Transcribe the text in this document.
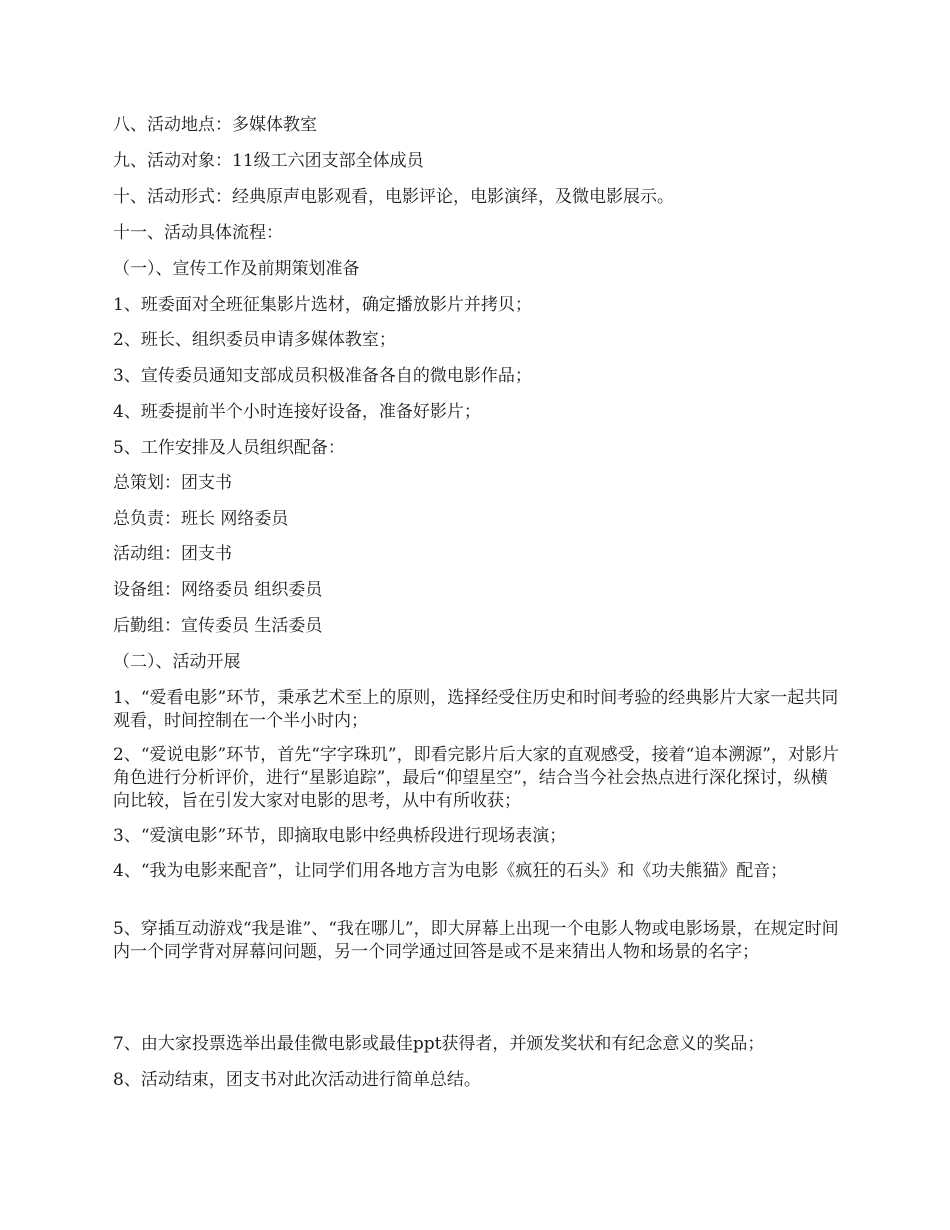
八、活动地点：多媒体教室

九、活动对象：11级工六团支部全体成员

十、活动形式：经典原声电影观看，电影评论，电影演绎，及微电影展示。

十一、活动具体流程：

（一）、宣传工作及前期策划准备

1、班委面对全班征集影片选材，确定播放影片并拷贝；

2、班长、组织委员申请多媒体教室；

3、宣传委员通知支部成员积极准备各自的微电影作品；

4、班委提前半个小时连接好设备，准备好影片；

5、工作安排及人员组织配备：

总策划：团支书

总负责：班长 网络委员

活动组：团支书

设备组：网络委员 组织委员

后勤组：宣传委员 生活委员

（二）、活动开展

1、“爱看电影”环节，秉承艺术至上的原则，选择经受住历史和时间考验的经典影片大家一起共同观看，时间控制在一个半小时内；

2、“爱说电影”环节，首先“字字珠玑”，即看完影片后大家的直观感受，接着“追本溯源”，对影片角色进行分析评价，进行“星影追踪”，最后“仰望星空”，结合当今社会热点进行深化探讨，纵横向比较，旨在引发大家对电影的思考，从中有所收获；

3、“爱演电影”环节，即摘取电影中经典桥段进行现场表演；

4、“我为电影来配音”，让同学们用各地方言为电影《疯狂的石头》和《功夫熊猫》配音；

5、穿插互动游戏“我是谁”、“我在哪儿”，即大屏幕上出现一个电影人物或电影场景，在规定时间内一个同学背对屏幕问问题，另一个同学通过回答是或不是来猜出人物和场景的名字；

7、由大家投票选举出最佳微电影或最佳ppt获得者，并颁发奖状和有纪念意义的奖品；

8、活动结束，团支书对此次活动进行简单总结。
